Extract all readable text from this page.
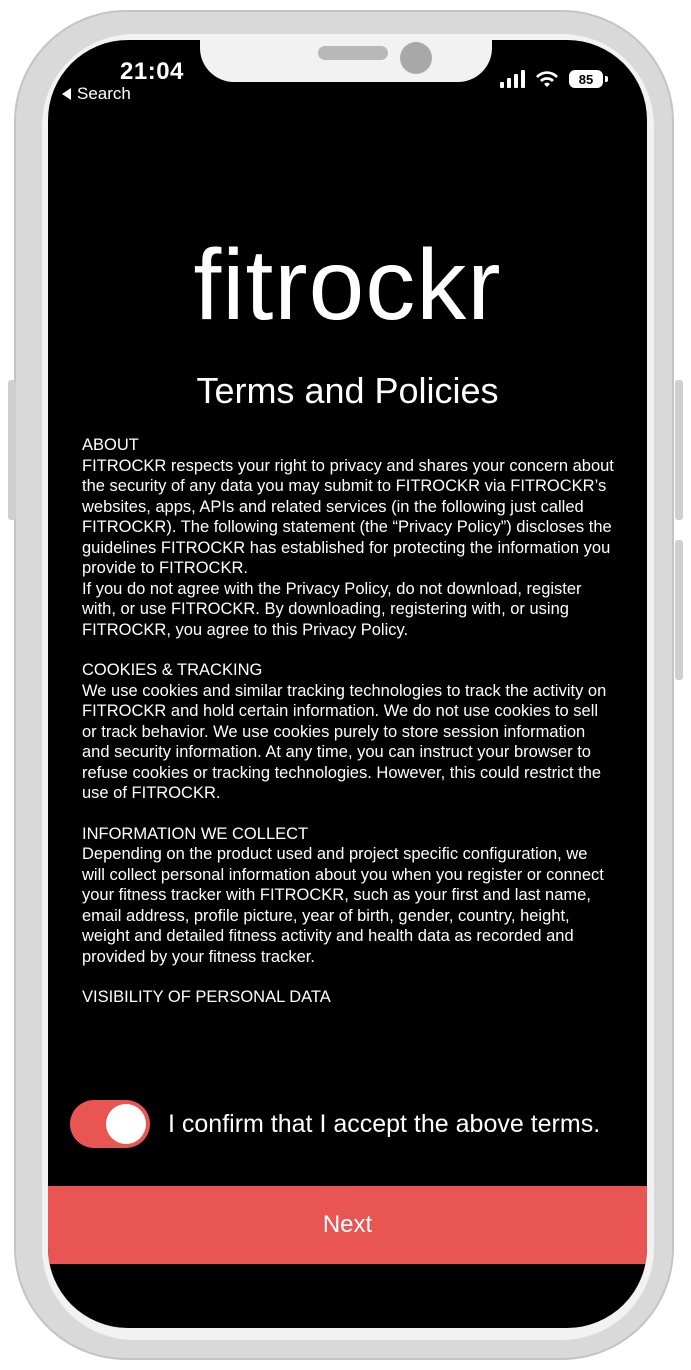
21:04
Search
85
fitrockr
Terms and Policies
ABOUT

FITROCKR respects your right to privacy and shares your concern about the security of any data you may submit to FITROCKR via FITROCKR’s websites, apps, APIs and related services (in the following just called FITROCKR). The following statement (the “Privacy Policy”) discloses the guidelines FITROCKR has established for protecting the information you provide to FITROCKR.

If you do not agree with the Privacy Policy, do not download, register with, or use FITROCKR. By downloading, registering with, or using FITROCKR, you agree to this Privacy Policy.

COOKIES & TRACKING

We use cookies and similar tracking technologies to track the activity on FITROCKR and hold certain information. We do not use cookies to sell or track behavior. We use cookies purely to store session information and security information. At any time, you can instruct your browser to refuse cookies or tracking technologies. However, this could restrict the use of FITROCKR.

INFORMATION WE COLLECT

Depending on the product used and project specific configuration, we will collect personal information about you when you register or connect your fitness tracker with FITROCKR, such as your first and last name, email address, profile picture, year of birth, gender, country, height, weight and detailed fitness activity and health data as recorded and provided by your fitness tracker.

VISIBILITY OF PERSONAL DATA
I confirm that I accept the above terms.
Next
